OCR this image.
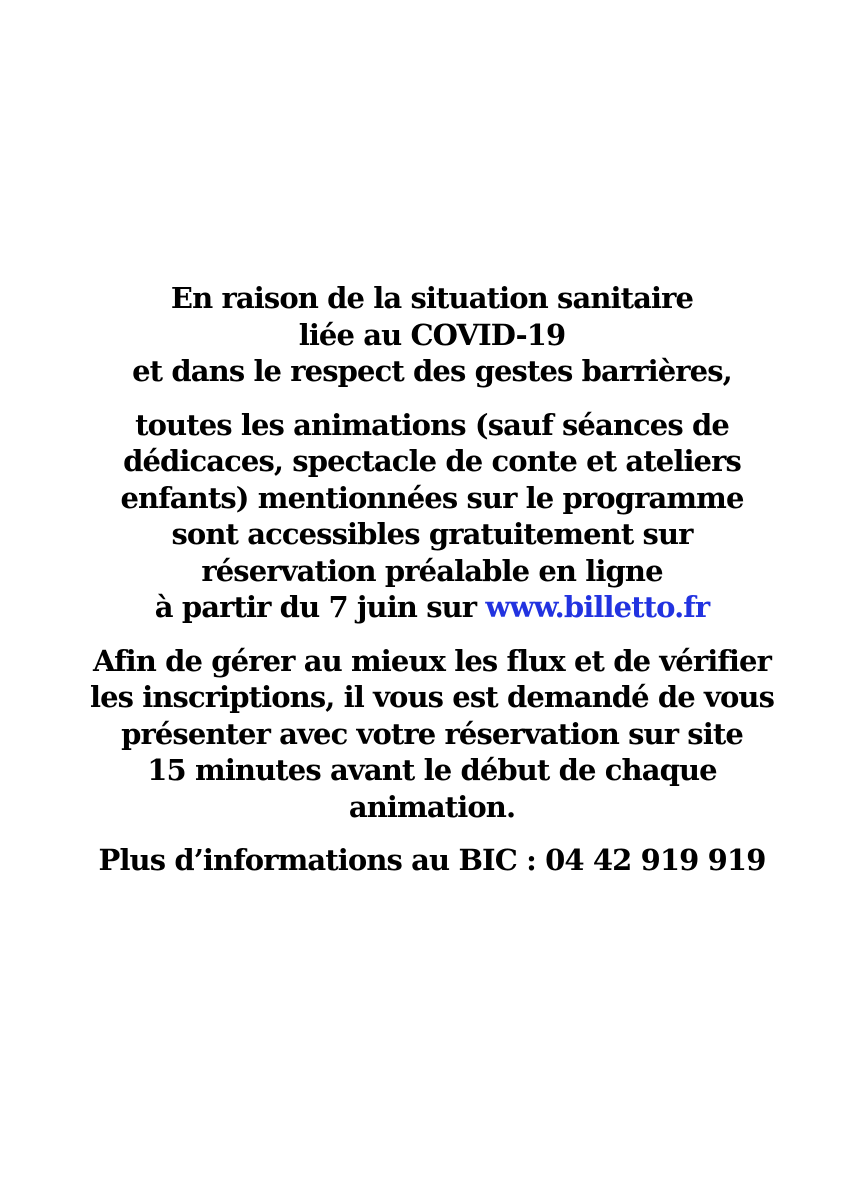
En raison de la situation sanitaire
liée au COVID-19
et dans le respect des gestes barrières,

toutes les animations (sauf séances de
dédicaces, spectacle de conte et ateliers
enfants) mentionnées sur le programme
sont accessibles gratuitement sur
réservation préalable en ligne
à partir du 7 juin sur www.billetto.fr

Afin de gérer au mieux les flux et de vérifier
les inscriptions, il vous est demandé de vous
présenter avec votre réservation sur site
15 minutes avant le début de chaque
animation.

Plus d’informations au BIC : 04 42 919 919
